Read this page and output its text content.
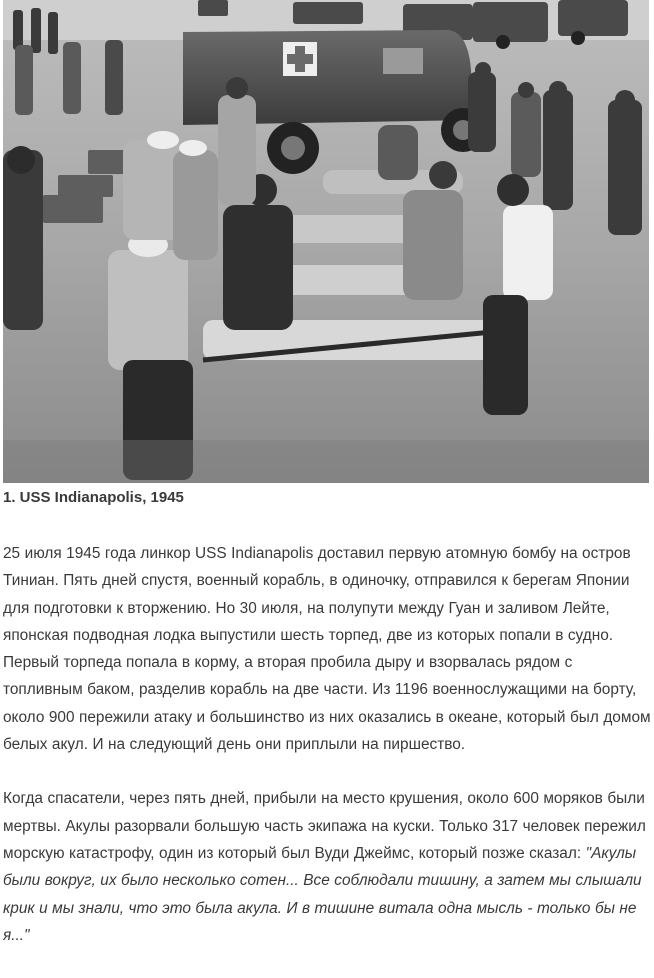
1. USS Indianapolis, 1945

25 июля 1945 года линкор USS Indianapolis доставил первую атомную бомбу на остров Тиниан. Пять дней спустя, военный корабль, в одиночку, отправился к берегам Японии для подготовки к вторжению. Но 30 июля, на полупути между Гуан и заливом Лейте, японская подводная лодка выпустили шесть торпед, две из которых попали в судно. Первый торпеда попала в корму, а вторая пробила дыру и взорвалась рядом с топливным баком, разделив корабль на две части. Из 1196 военнослужащими на борту, около 900 пережили атаку и большинство из них оказались в океане, который был домом белых акул. И на следующий день они приплыли на пиршество.

Когда спасатели, через пять дней, прибыли на место крушения, около 600 моряков были мертвы. Акулы разорвали большую часть экипажа на куски. Только 317 человек пережил морскую катастрофу, один из который был Вуди Джеймс, который позже сказал: "Акулы были вокруг, их было несколько сотен... Все соблюдали тишину, а затем мы слышали крик и мы знали, что это была акула. И в тишине витала одна мысль - только бы не я..."
